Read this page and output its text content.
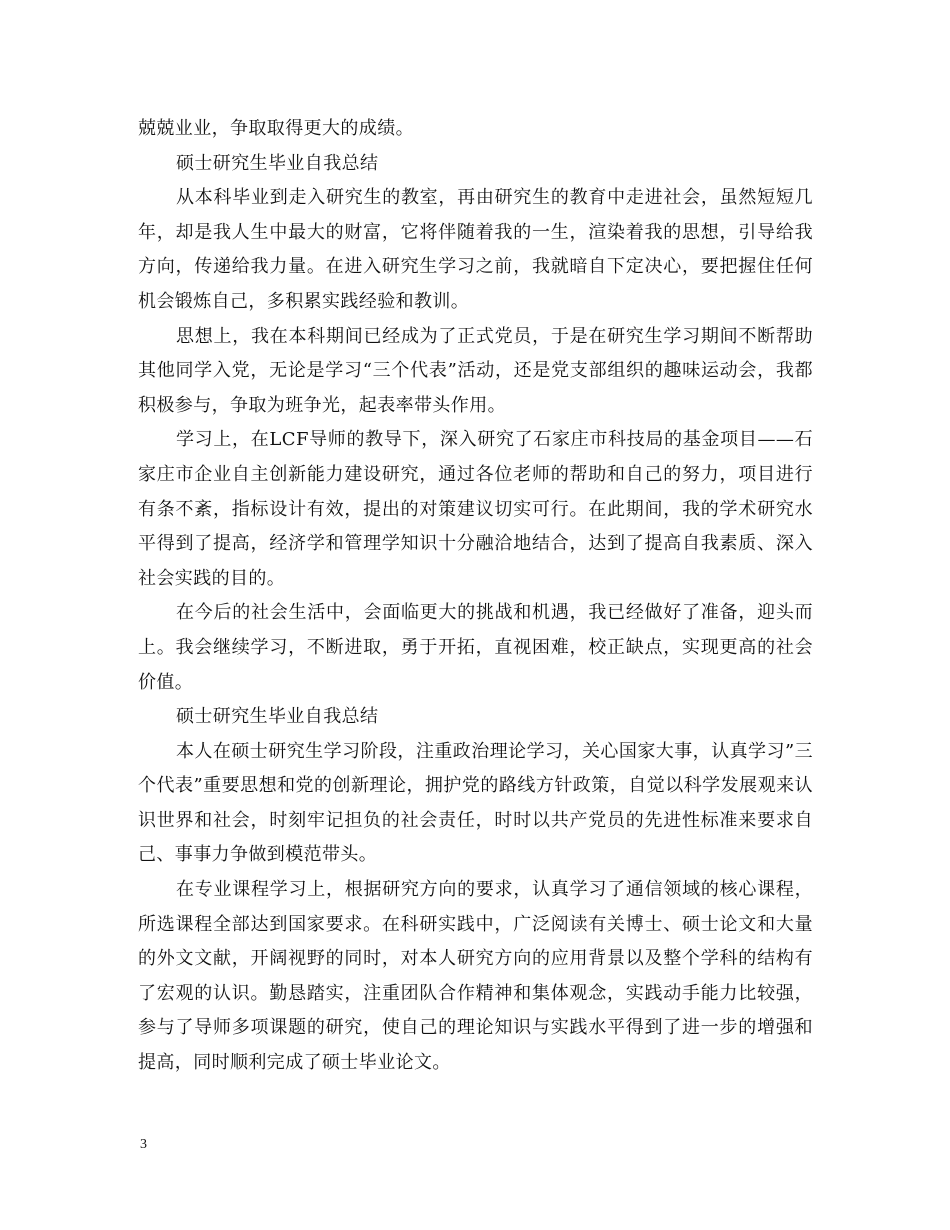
兢兢业业，争取取得更大的成绩。

硕士研究生毕业自我总结

从本科毕业到走入研究生的教室，再由研究生的教育中走进社会，虽然短短几年，却是我人生中最大的财富，它将伴随着我的一生，渲染着我的思想，引导给我方向，传递给我力量。在进入研究生学习之前，我就暗自下定决心，要把握住任何机会锻炼自己，多积累实践经验和教训。

思想上，我在本科期间已经成为了正式党员，于是在研究生学习期间不断帮助其他同学入党，无论是学习“三个代表”活动，还是党支部组织的趣味运动会，我都积极参与，争取为班争光，起表率带头作用。

学习上，在LCF导师的教导下，深入研究了石家庄市科技局的基金项目——石家庄市企业自主创新能力建设研究，通过各位老师的帮助和自己的努力，项目进行有条不紊，指标设计有效，提出的对策建议切实可行。在此期间，我的学术研究水平得到了提高，经济学和管理学知识十分融洽地结合，达到了提高自我素质、深入社会实践的目的。

在今后的社会生活中，会面临更大的挑战和机遇，我已经做好了准备，迎头而上。我会继续学习，不断进取，勇于开拓，直视困难，校正缺点，实现更高的社会价值。

硕士研究生毕业自我总结

本人在硕士研究生学习阶段，注重政治理论学习，关心国家大事，认真学习”三个代表”重要思想和党的创新理论，拥护党的路线方针政策，自觉以科学发展观来认识世界和社会，时刻牢记担负的社会责任，时时以共产党员的先进性标准来要求自己、事事力争做到模范带头。

在专业课程学习上，根据研究方向的要求，认真学习了通信领域的核心课程，所选课程全部达到国家要求。在科研实践中，广泛阅读有关博士、硕士论文和大量的外文文献，开阔视野的同时，对本人研究方向的应用背景以及整个学科的结构有了宏观的认识。勤恳踏实，注重团队合作精神和集体观念，实践动手能力比较强，参与了导师多项课题的研究，使自己的理论知识与实践水平得到了进一步的增强和提高，同时顺利完成了硕士毕业论文。

3
